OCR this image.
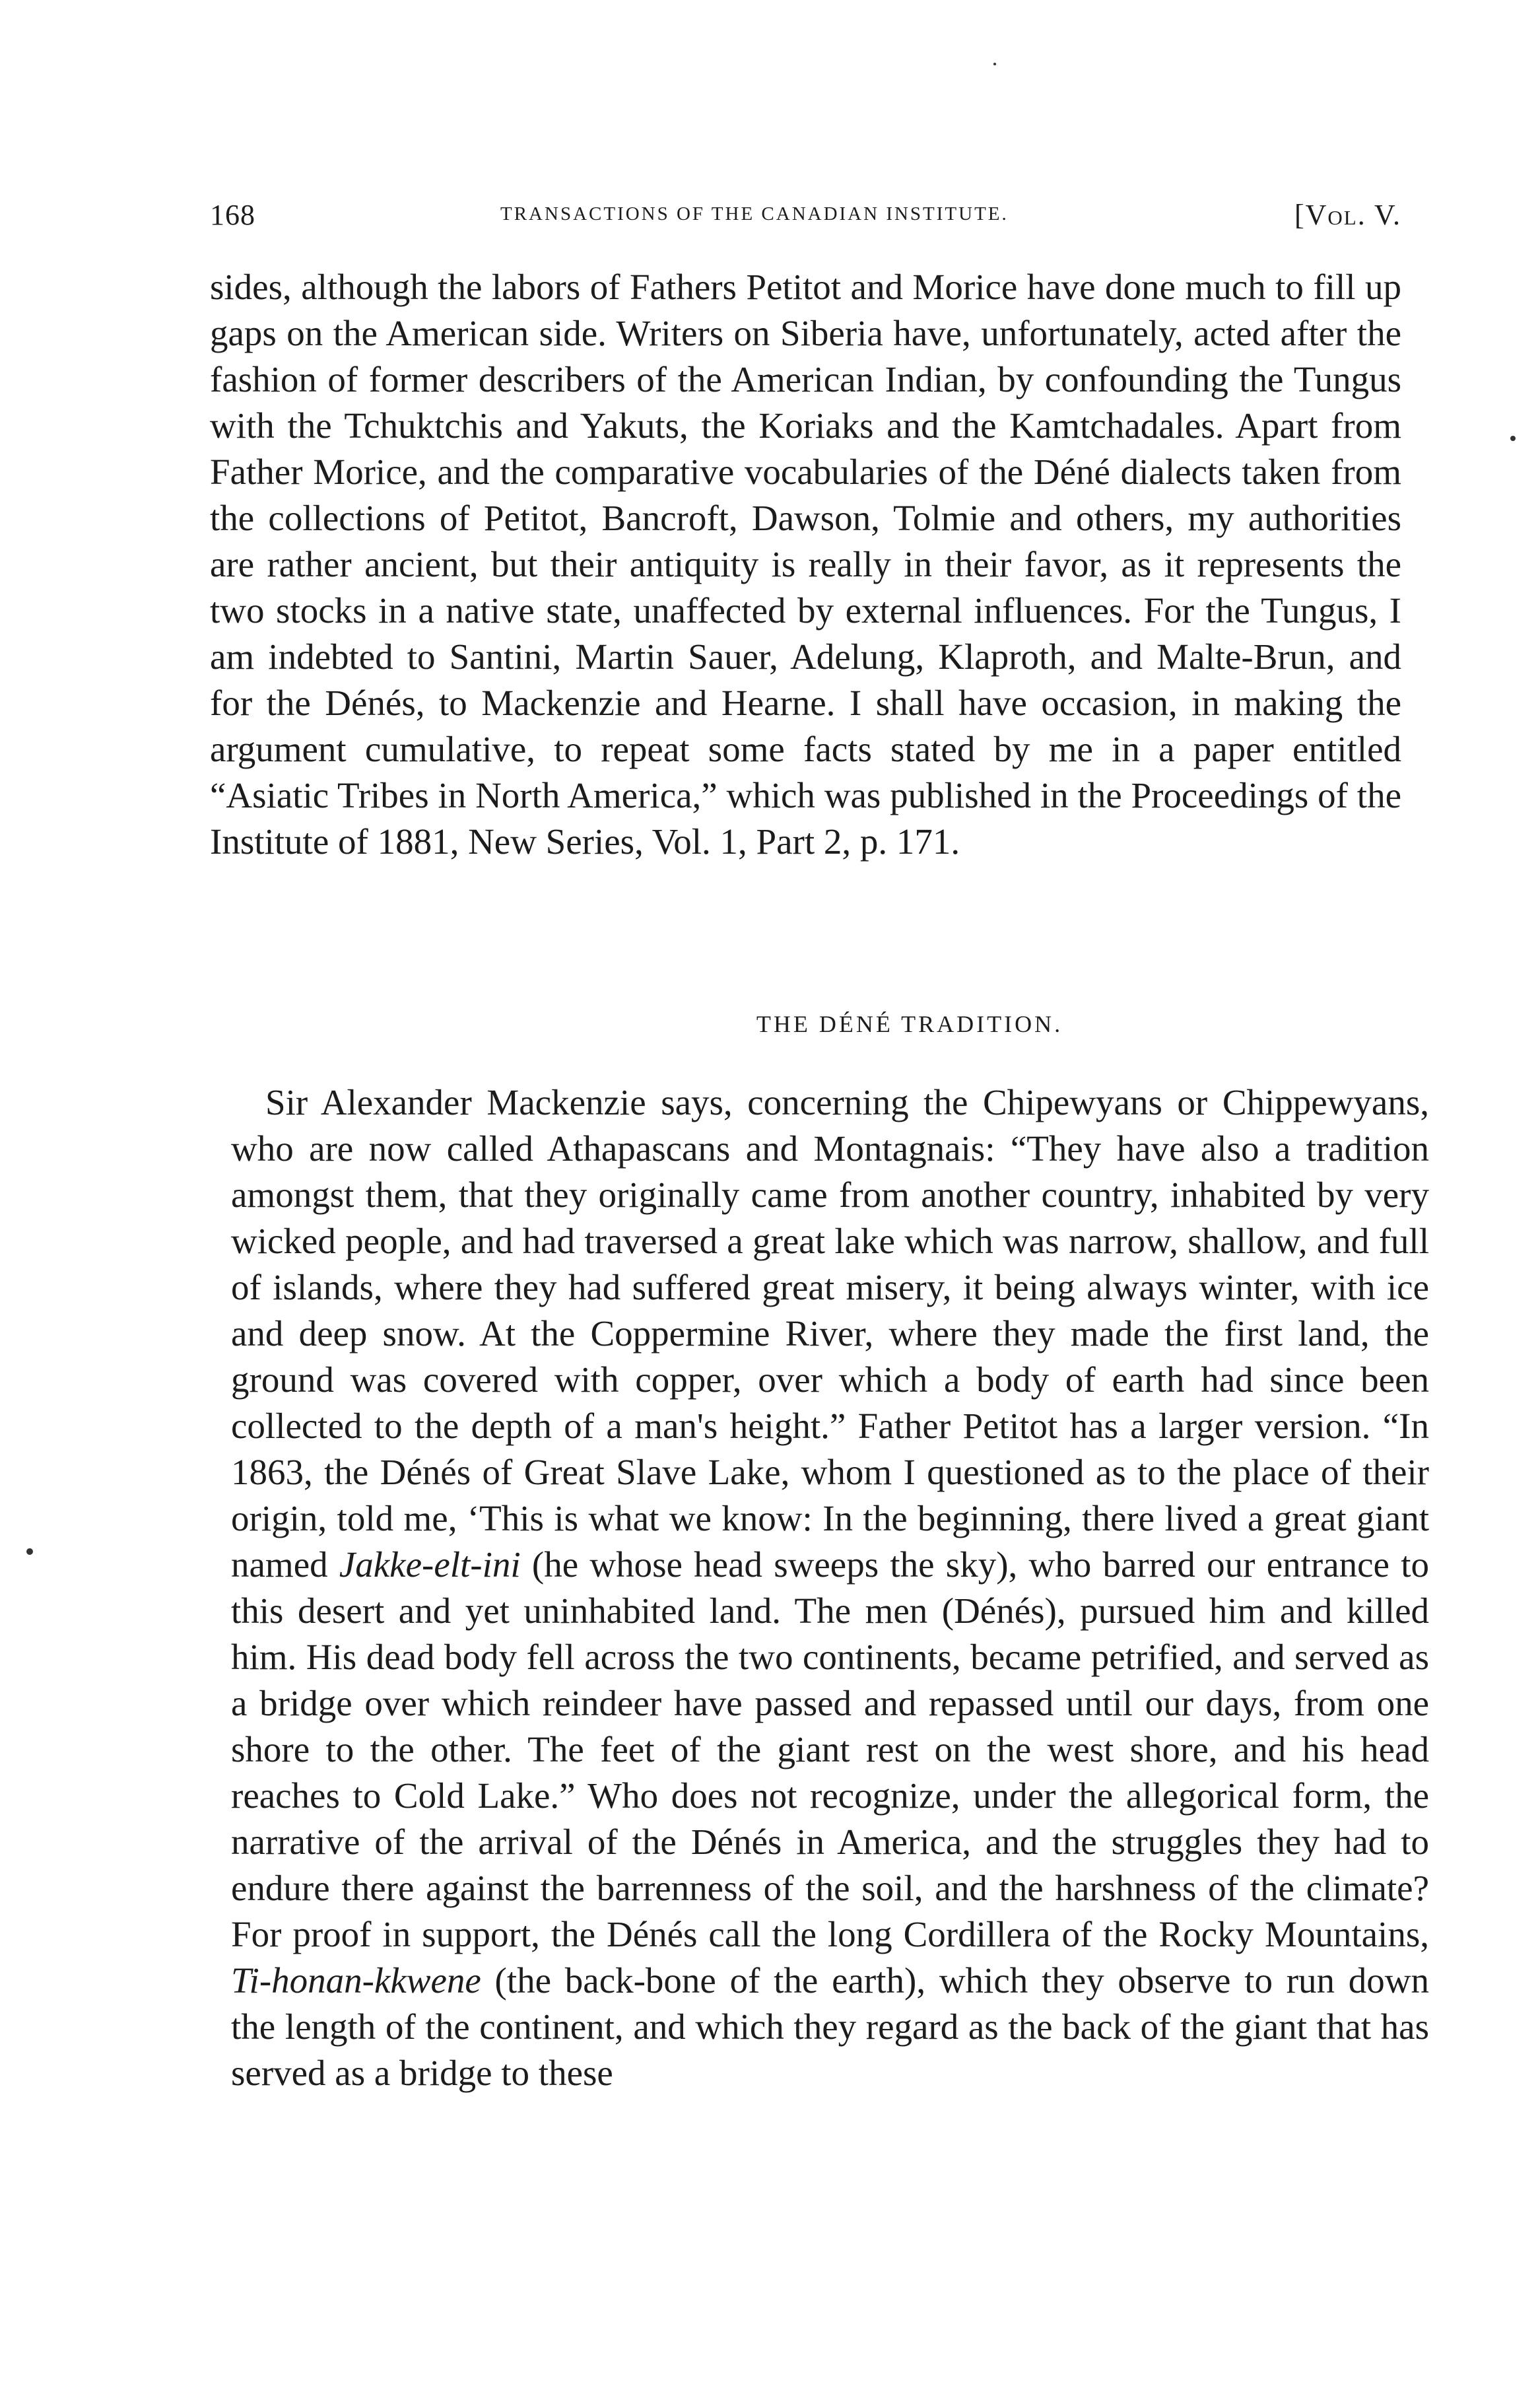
168	TRANSACTIONS OF THE CANADIAN INSTITUTE.	[Vol. V.

sides, although the labors of Fathers Petitot and Morice have done much to fill up gaps on the American side. Writers on Siberia have, unfortunately, acted after the fashion of former describers of the American Indian, by confounding the Tungus with the Tchuktchis and Yakuts, the Koriaks and the Kamtchadales. Apart from Father Morice, and the comparative vocabularies of the Déné dialects taken from the collections of Petitot, Bancroft, Dawson, Tolmie and others, my authorities are rather ancient, but their antiquity is really in their favor, as it represents the two stocks in a native state, unaffected by external influences. For the Tungus, I am indebted to Santini, Martin Sauer, Adelung, Klaproth, and Malte-Brun, and for the Dénés, to Mackenzie and Hearne. I shall have occasion, in making the argument cumulative, to repeat some facts stated by me in a paper entitled “Asiatic Tribes in North America,” which was published in the Proceedings of the Institute of 1881, New Series, Vol. 1, Part 2, p. 171.

THE DÉNÉ TRADITION.

Sir Alexander Mackenzie says, concerning the Chipewyans or Chippewyans, who are now called Athapascans and Montagnais: “They have also a tradition amongst them, that they originally came from another country, inhabited by very wicked people, and had traversed a great lake which was narrow, shallow, and full of islands, where they had suffered great misery, it being always winter, with ice and deep snow. At the Coppermine River, where they made the first land, the ground was covered with copper, over which a body of earth had since been collected to the depth of a man's height.” Father Petitot has a larger version. “In 1863, the Dénés of Great Slave Lake, whom I questioned as to the place of their origin, told me, ‘This is what we know: In the beginning, there lived a great giant named Jakke-elt-ini (he whose head sweeps the sky), who barred our entrance to this desert and yet uninhabited land. The men (Dénés), pursued him and killed him. His dead body fell across the two continents, became petrified, and served as a bridge over which reindeer have passed and repassed until our days, from one shore to the other. The feet of the giant rest on the west shore, and his head reaches to Cold Lake.” Who does not recognize, under the allegorical form, the narrative of the arrival of the Dénés in America, and the struggles they had to endure there against the barrenness of the soil, and the harshness of the climate? For proof in support, the Dénés call the long Cordillera of the Rocky Mountains, Ti-honan-kkwene (the back-bone of the earth), which they observe to run down the length of the continent, and which they regard as the back of the giant that has served as a bridge to these
